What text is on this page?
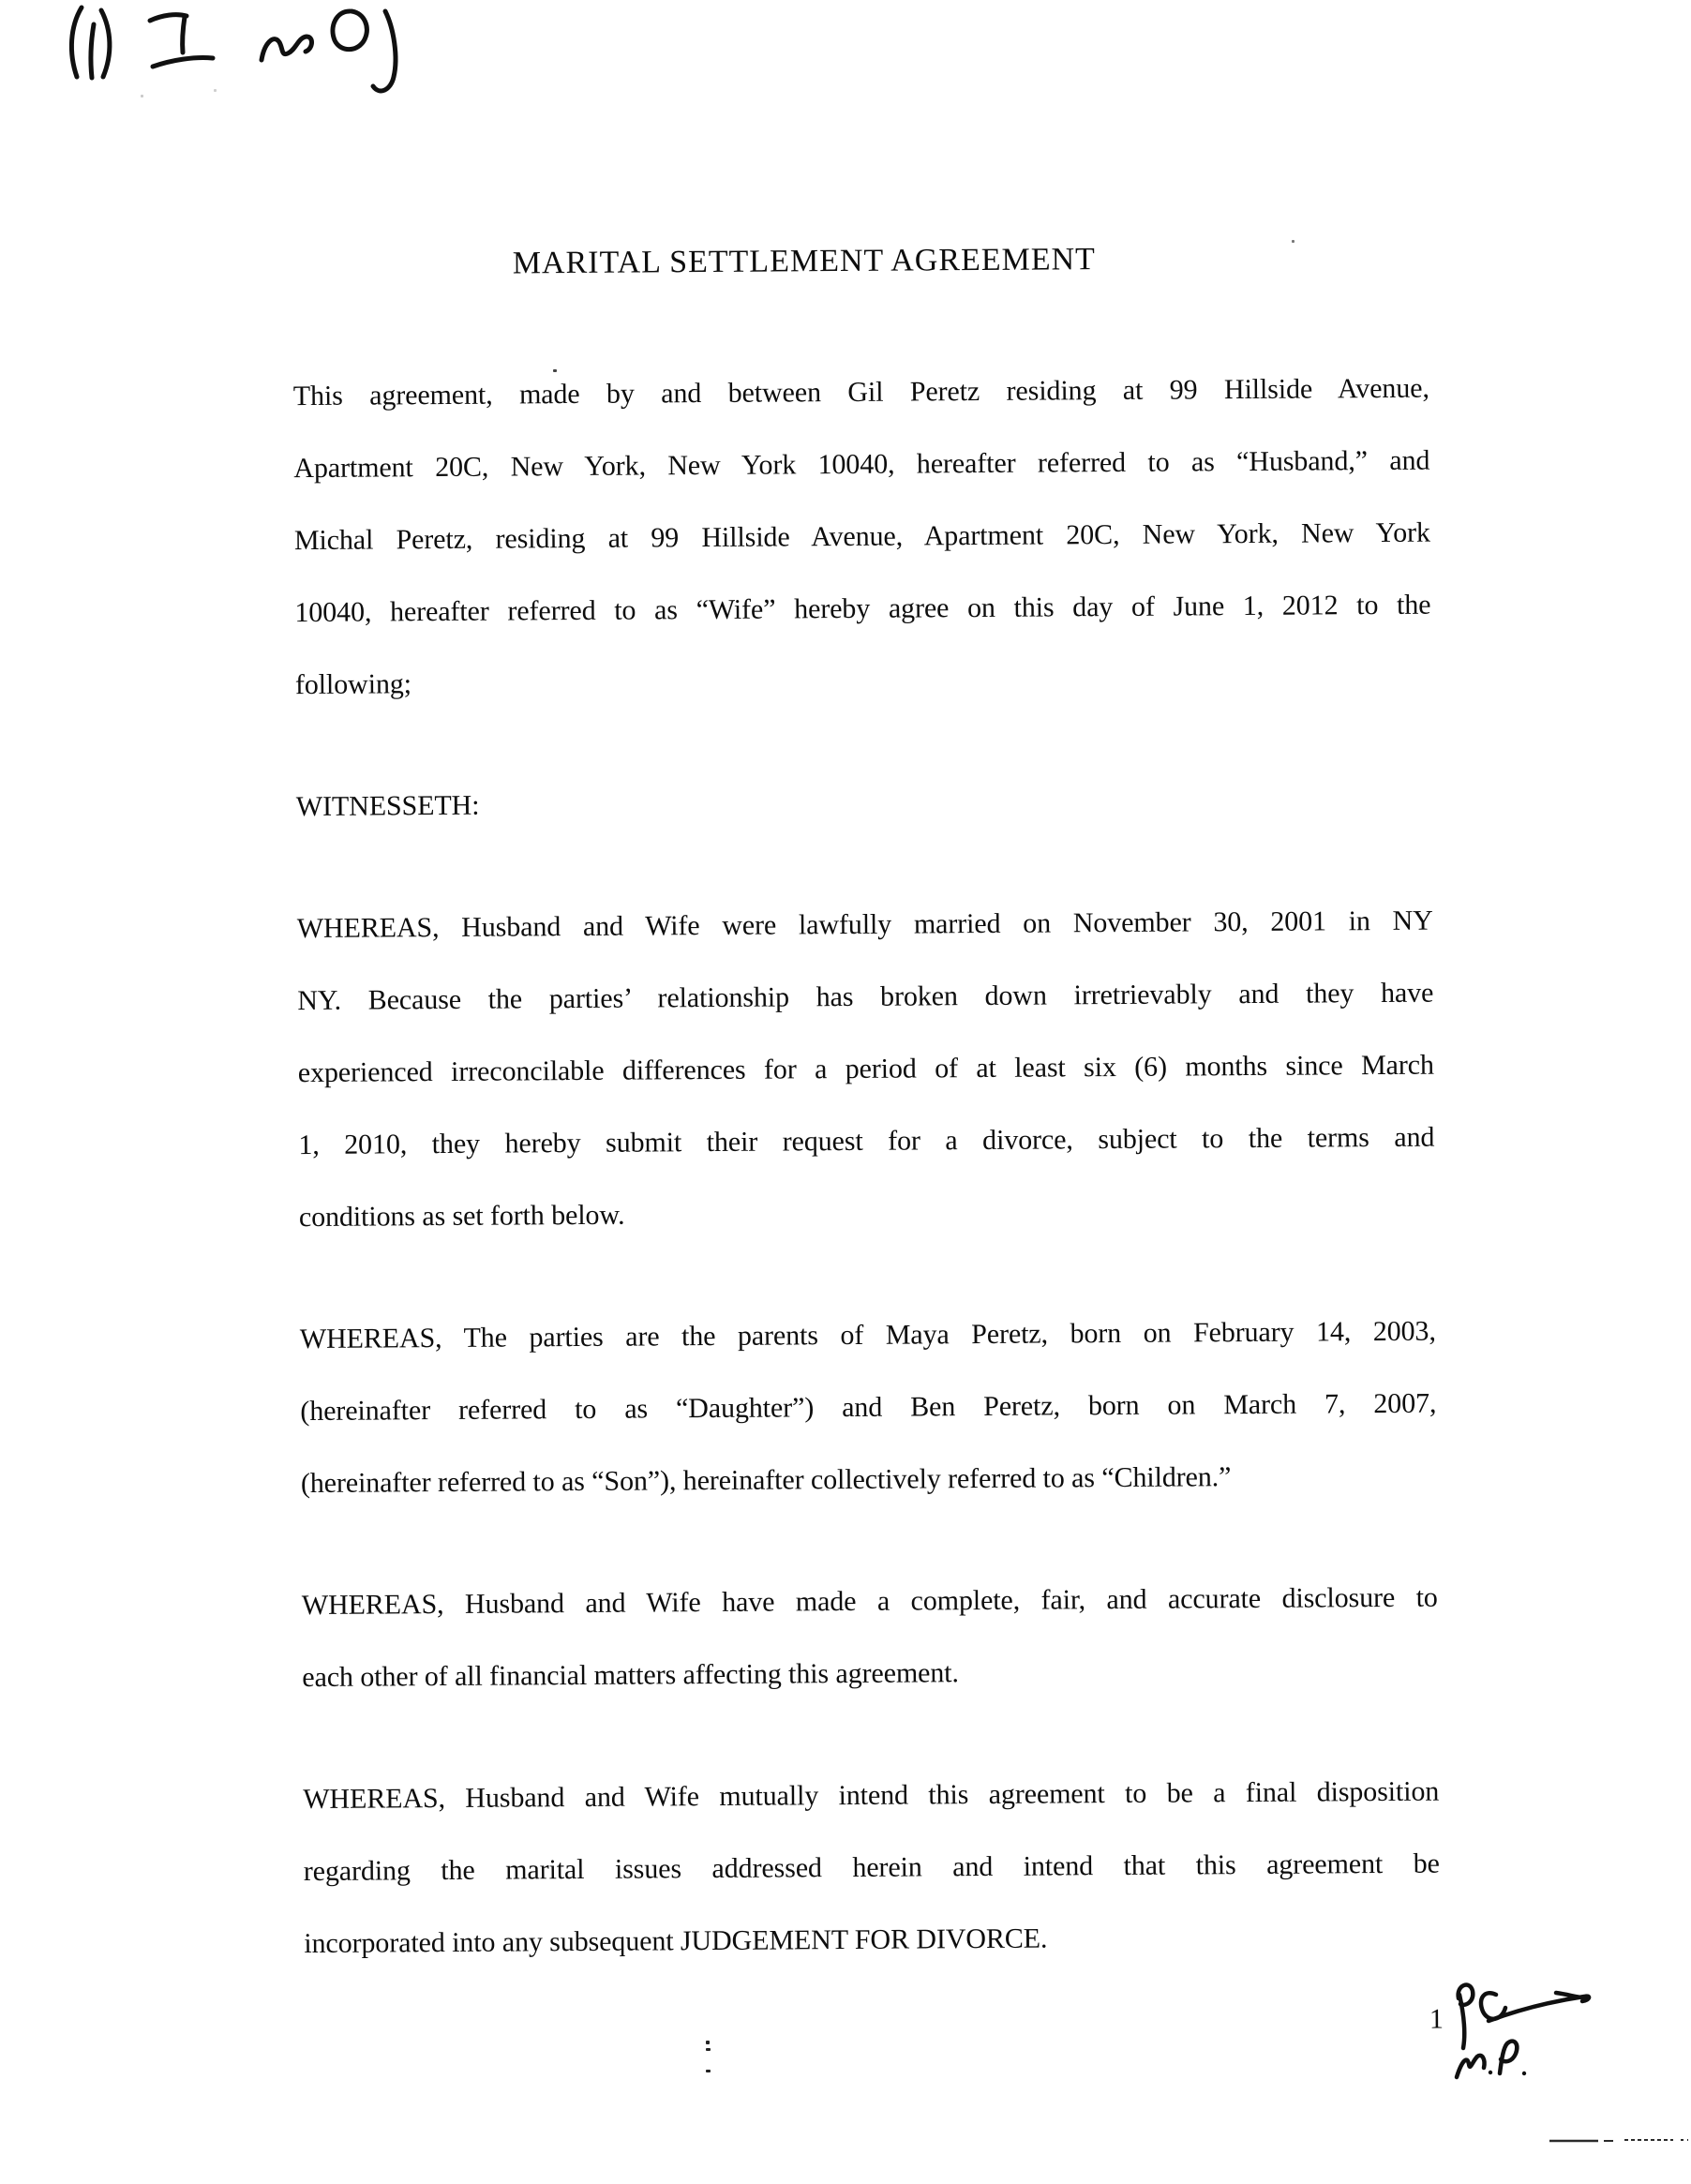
MARITAL SETTLEMENT AGREEMENT

This agreement, made by and between Gil Peretz residing at 99 Hillside Avenue,
Apartment 20C, New York, New York 10040, hereafter referred to as “Husband,” and
Michal Peretz, residing at 99 Hillside Avenue, Apartment 20C, New York, New York
10040, hereafter referred to as “Wife” hereby agree on this day of June 1, 2012 to the
following;

WITNESSETH:

WHEREAS, Husband and Wife were lawfully married on November 30, 2001 in NY
NY. Because the parties’ relationship has broken down irretrievably and they have
experienced irreconcilable differences for a period of at least six (6) months since March
1, 2010, they hereby submit their request for a divorce, subject to the terms and
conditions as set forth below.

WHEREAS, The parties are the parents of Maya Peretz, born on February 14, 2003,
(hereinafter referred to as “Daughter”) and Ben Peretz, born on March 7, 2007,
(hereinafter referred to as “Son”), hereinafter collectively referred to as “Children.”

WHEREAS, Husband and Wife have made a complete, fair, and accurate disclosure to
each other of all financial matters affecting this agreement.

WHEREAS, Husband and Wife mutually intend this agreement to be a final disposition
regarding the marital issues addressed herein and intend that this agreement be
incorporated into any subsequent JUDGEMENT FOR DIVORCE.

1
